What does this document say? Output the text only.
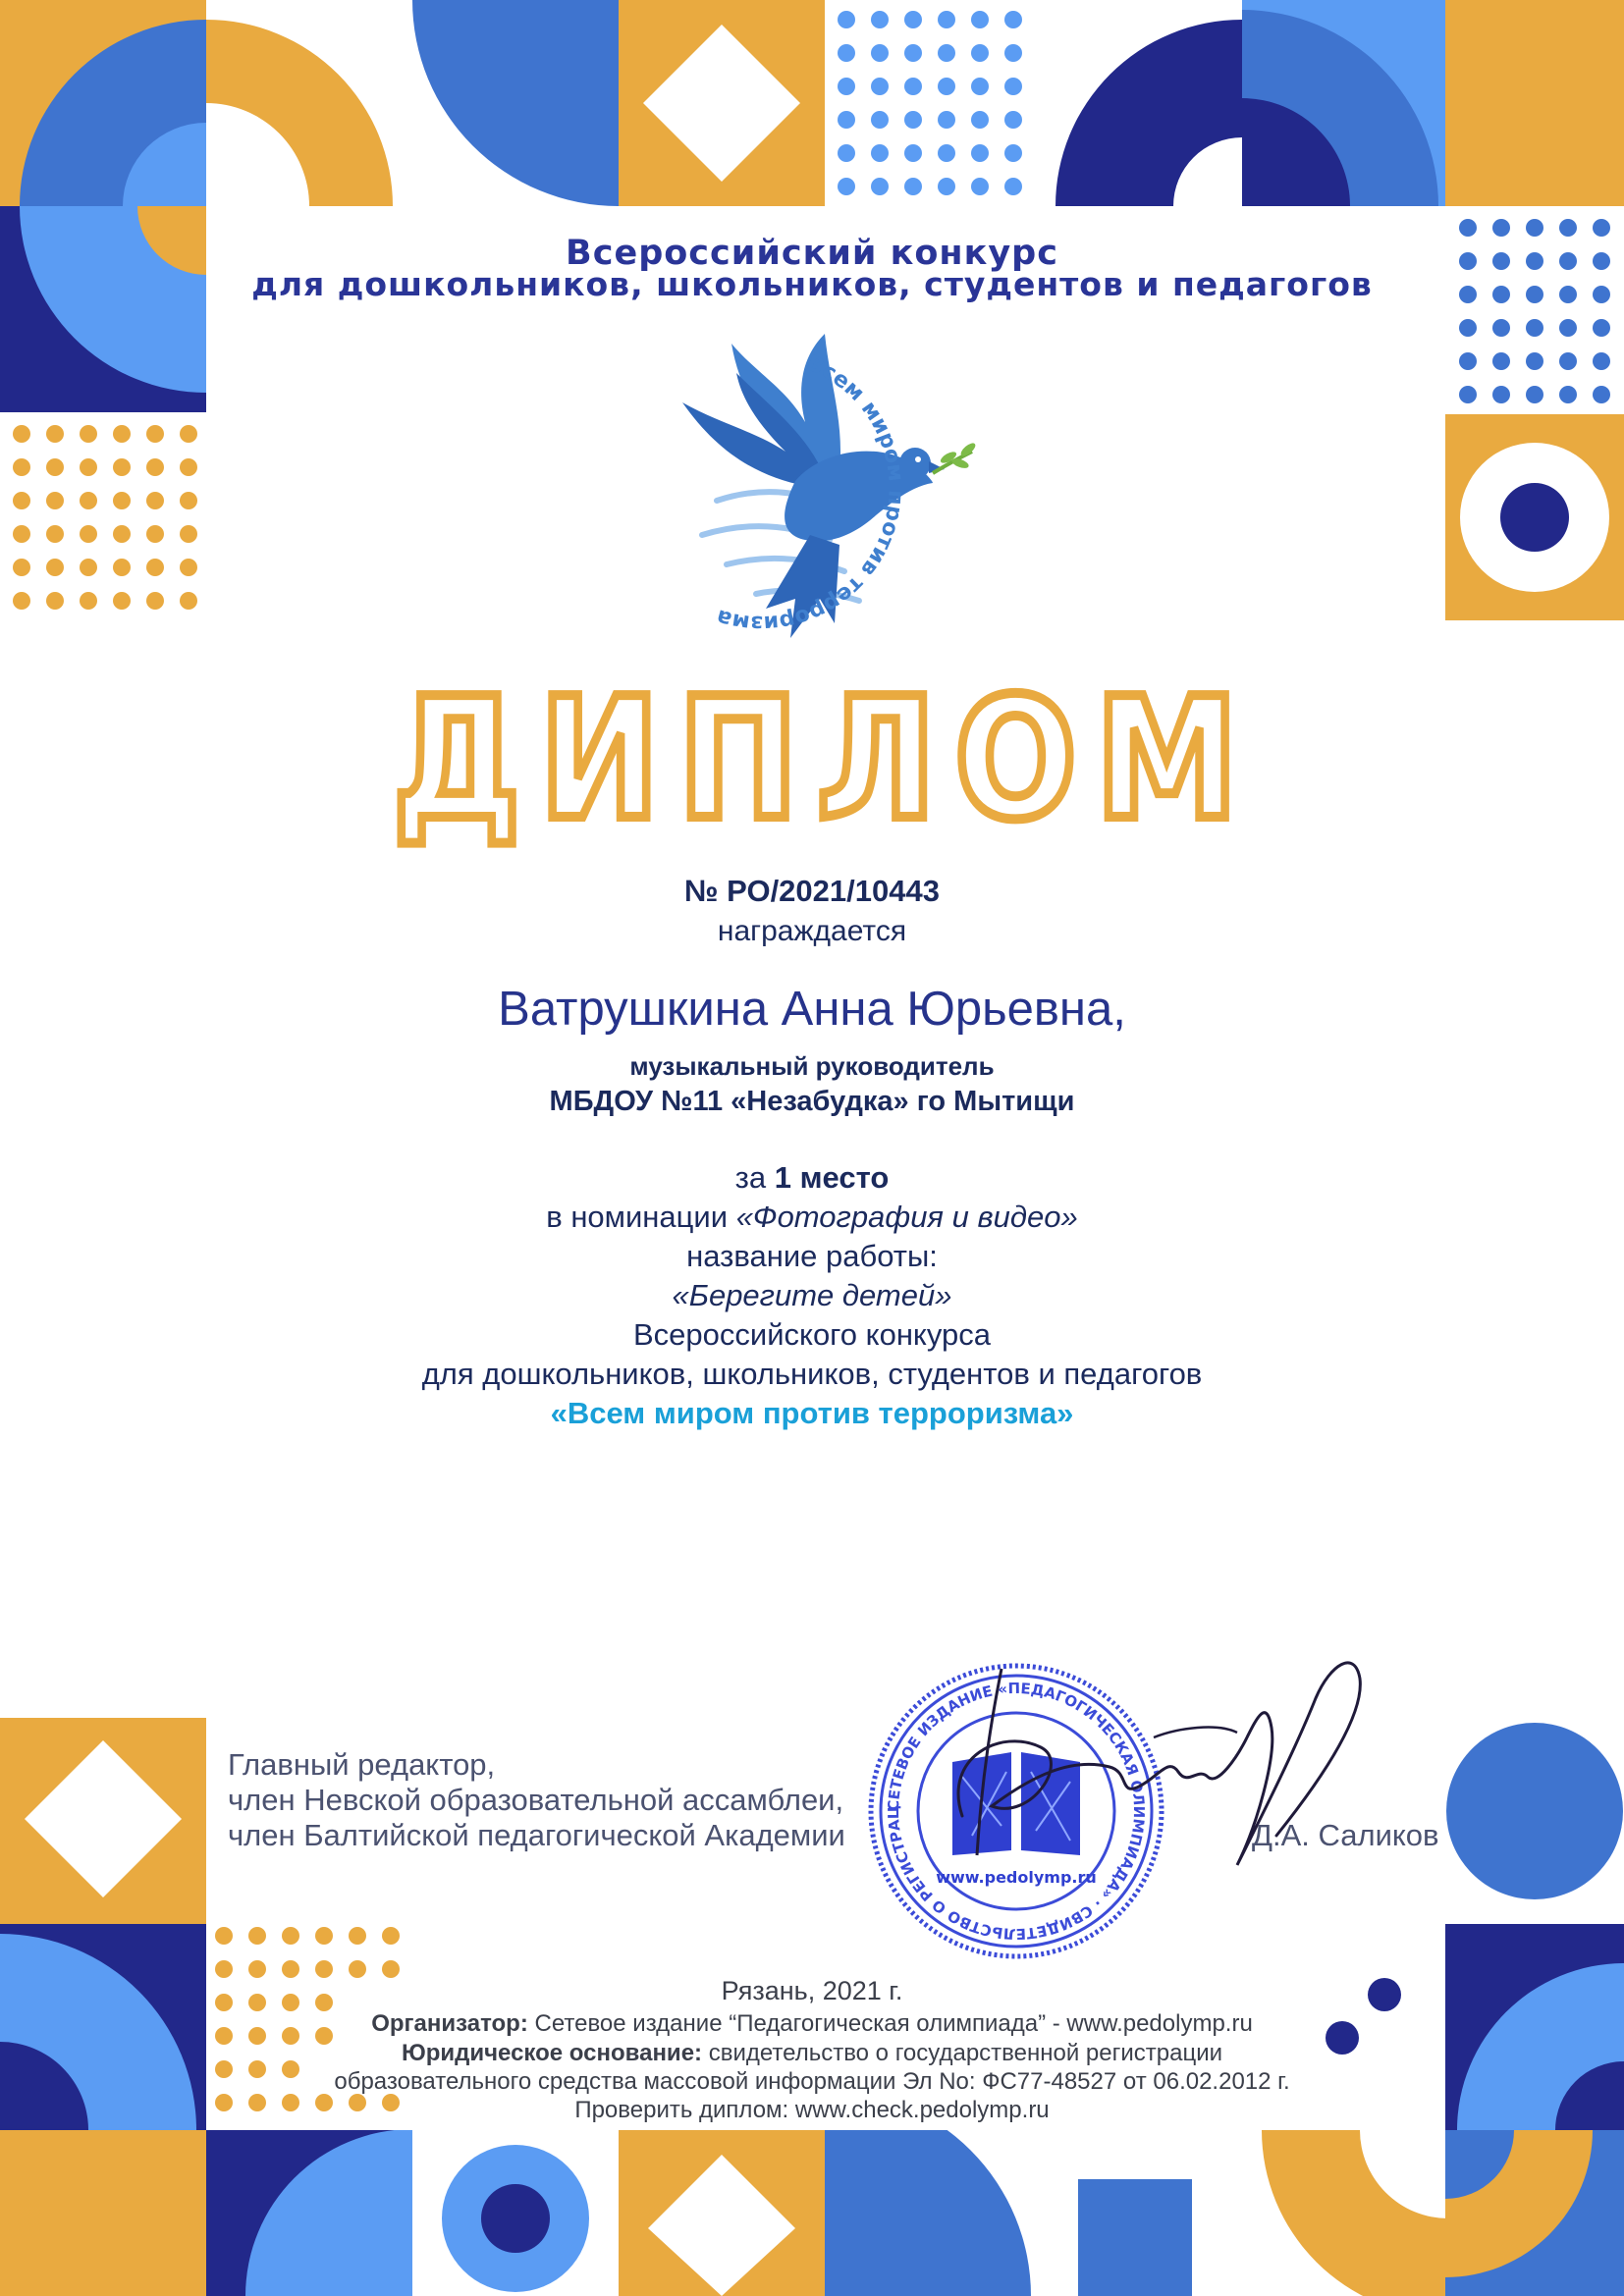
Всероссийский конкурс
для дошкольников, школьников, студентов и педагогов
Всем миром против терроризма
ДИПЛОМ
№ РО/2021/10443
награждается
Ватрушкина Анна Юрьевна,
музыкальный руководитель
МБДОУ №11 «Незабудка» го Мытищи
за 1 место
в номинации «Фотография и видео»
название работы:
«Берегите детей»
Всероссийского конкурса
для дошкольников, школьников, студентов и педагогов
«Всем миром против терроризма»
Главный редактор,
член Невской образовательной ассамблеи,
член Балтийской педагогической Академии
СЕТЕВОЕ ИЗДАНИЕ «ПЕДАГОГИЧЕСКАЯ ОЛИМПИАДА» · СВИДЕТЕЛЬСТВО О РЕГИСТРАЦ
www.pedolymp.ru
Д.А. Саликов
Рязань, 2021 г.
Организатор: Сетевое издание “Педагогическая олимпиада” - www.pedolymp.ru
Юридическое основание: свидетельство о государственной регистрации
образовательного средства массовой информации Эл No: ФС77-48527 от 06.02.2012 г.
Проверить диплом: www.check.pedolymp.ru
